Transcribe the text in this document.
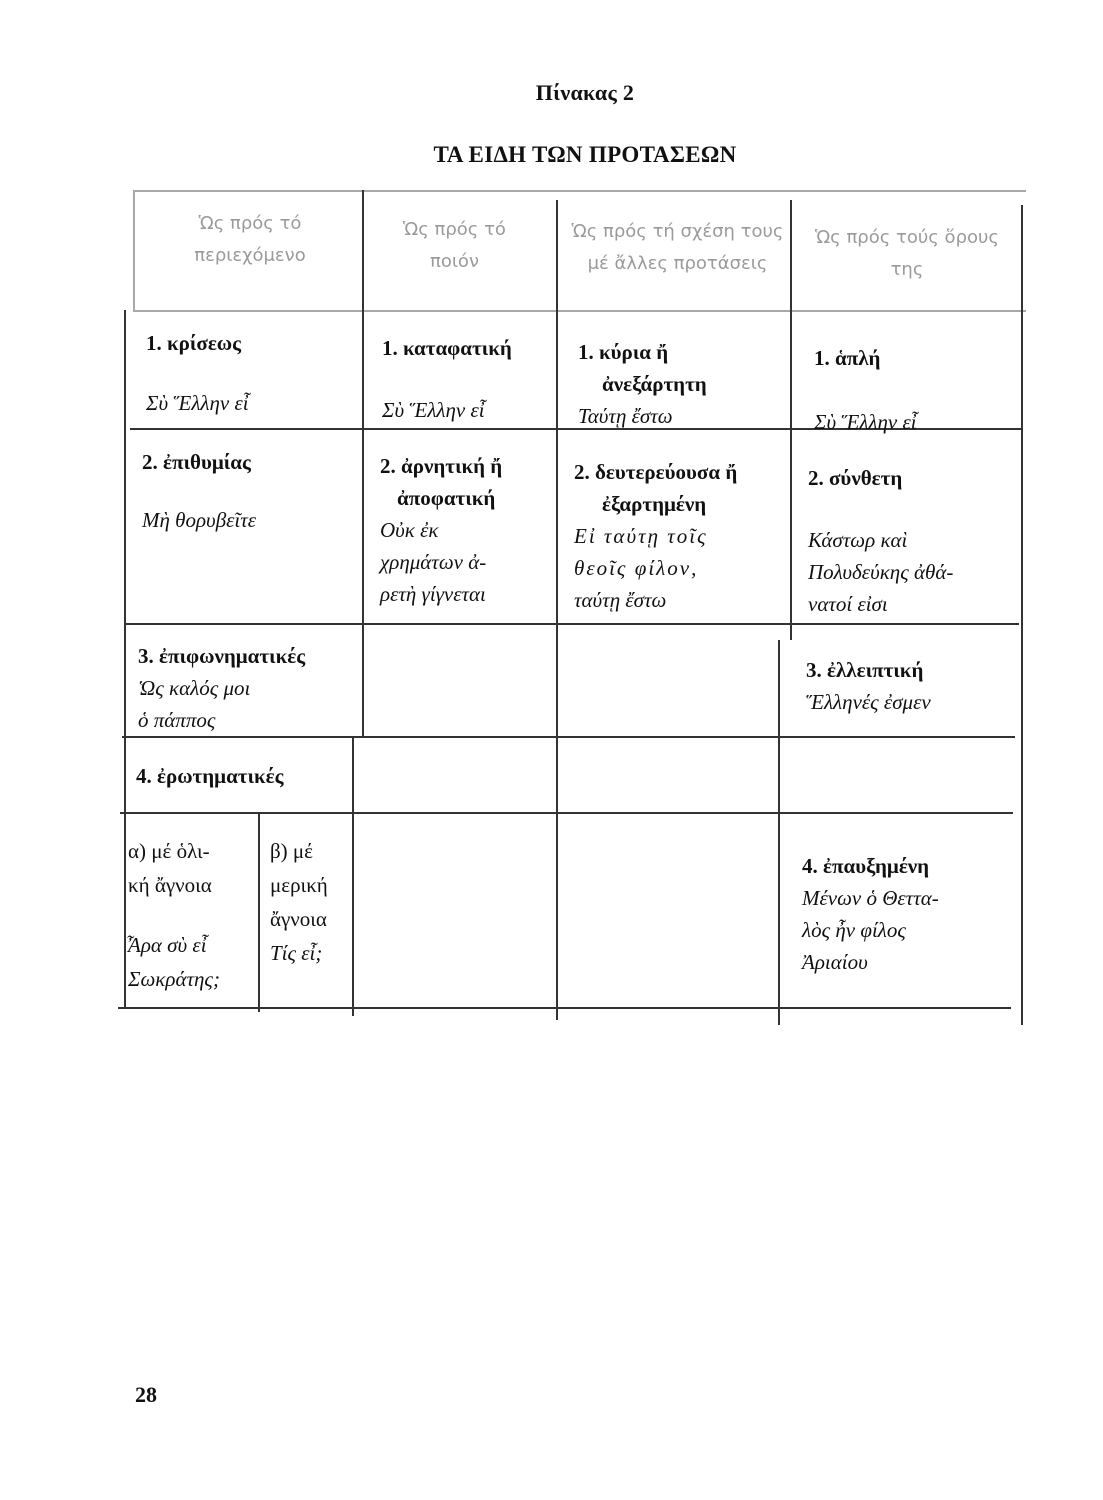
Πίνακας 2
ΤΑ ΕΙΔΗ ΤΩΝ ΠΡΟΤΑΣΕΩΝ
Ὡς πρός τό περιεχόμενο
Ὡς πρός τό ποιόν
Ὡς πρός τή σχέση τους μέ ἄλλες προτάσεις
Ὡς πρός τούς ὅρους της
1. κρίσεως
Σὺ Ἕλλην εἶ
2. ἐπιθυμίας
Μὴ θορυβεῖτε
3. ἐπιφωνηματικές
Ὡς καλός μοι
ὁ πάππος
4. ἐρωτηματικές
α) μέ ὁλι-
κή ἄγνοια
Ἆρα σὺ εἶ
Σωκράτης;
β) μέ
μερική
ἄγνοια
Τίς εἶ;
1. καταφατική
Σὺ Ἕλλην εἶ
2. ἀρνητική ἤ
ἀποφατική
Οὐκ ἐκ
χρημάτων ἀ-
ρετὴ γίγνεται
1. κύρια ἤ
ἀνεξάρτητη
Ταύτῃ ἔστω
2. δευτερεύουσα ἤ
ἐξαρτημένη
Εἰ ταύτῃ τοῖς
θεοῖς φίλον,
ταύτῃ ἔστω
1. ἁπλή
Σὺ Ἕλλην εἶ
2. σύνθετη
Κάστωρ καὶ
Πολυδεύκης ἀθά-
νατοί εἰσι
3. ἐλλειπτική
Ἕλληνές ἐσμεν
4. ἐπαυξημένη
Μένων ὁ Θεττα-
λὸς ἦν φίλος
Ἀριαίου
28
